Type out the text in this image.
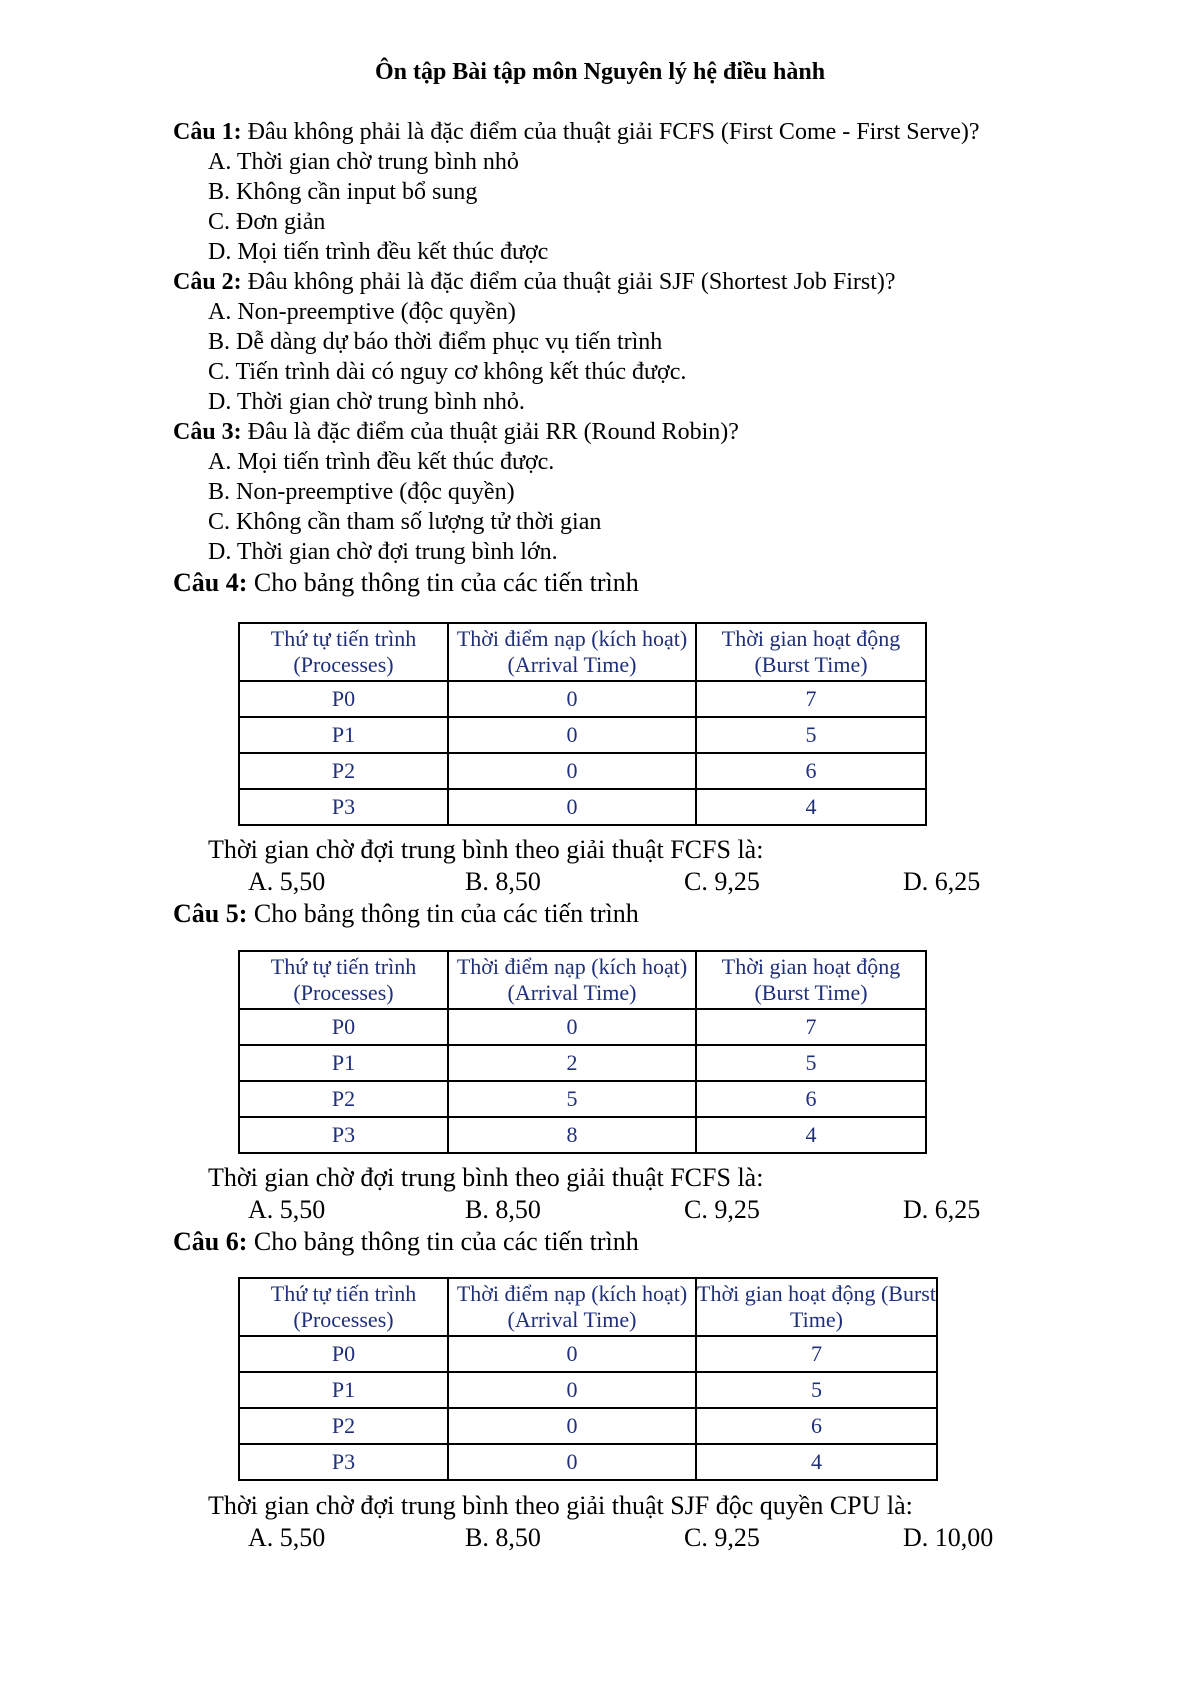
Ôn tập Bài tập môn Nguyên lý hệ điều hành
Câu 1: Đâu không phải là đặc điểm của thuật giải FCFS (First Come - First Serve)?
A. Thời gian chờ trung bình nhỏ
B. Không cần input bổ sung
C. Đơn giản
D. Mọi tiến trình đều kết thúc được
Câu 2: Đâu không phải là đặc điểm của thuật giải SJF (Shortest Job First)?
A. Non-preemptive (độc quyền)
B. Dễ dàng dự báo thời điểm phục vụ tiến trình
C. Tiến trình dài có nguy cơ không kết thúc được.
D. Thời gian chờ trung bình nhỏ.
Câu 3: Đâu là đặc điểm của thuật giải RR (Round Robin)?
A. Mọi tiến trình đều kết thúc được.
B. Non-preemptive (độc quyền)
C. Không cần tham số lượng tử thời gian
D. Thời gian chờ đợi trung bình lớn.
Câu 4: Cho bảng thông tin của các tiến trình
Thứ tự tiến trình (Processes)	Thời điểm nạp (kích hoạt) (Arrival Time)	Thời gian hoạt động (Burst Time)
P0	0	7
P1	0	5
P2	0	6
P3	0	4
Thời gian chờ đợi trung bình theo giải thuật FCFS là:
A. 5,50	B. 8,50	C. 9,25	D. 6,25
Câu 5: Cho bảng thông tin của các tiến trình
Thứ tự tiến trình (Processes)	Thời điểm nạp (kích hoạt) (Arrival Time)	Thời gian hoạt động (Burst Time)
P0	0	7
P1	2	5
P2	5	6
P3	8	4
Thời gian chờ đợi trung bình theo giải thuật FCFS là:
A. 5,50	B. 8,50	C. 9,25	D. 6,25
Câu 6: Cho bảng thông tin của các tiến trình
Thứ tự tiến trình (Processes)	Thời điểm nạp (kích hoạt) (Arrival Time)	Thời gian hoạt động (Burst Time)
P0	0	7
P1	0	5
P2	0	6
P3	0	4
Thời gian chờ đợi trung bình theo giải thuật SJF độc quyền CPU là:
A. 5,50	B. 8,50	C. 9,25	D. 10,00
